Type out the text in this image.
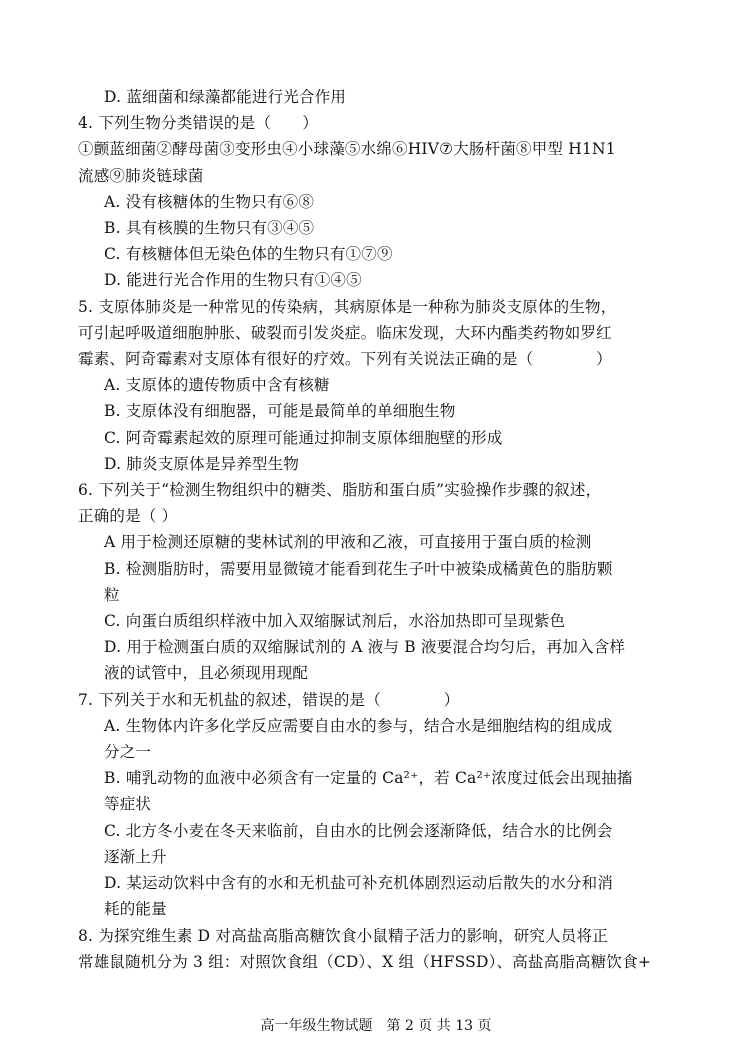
D. 蓝细菌和绿藻都能进行光合作用
4. 下列生物分类错误的是（　　）
①颤蓝细菌②酵母菌③变形虫④小球藻⑤水绵⑥HIV⑦大肠杆菌⑧甲型 H1N1
流感⑨肺炎链球菌
A. 没有核糖体的生物只有⑥⑧
B. 具有核膜的生物只有③④⑤
C. 有核糖体但无染色体的生物只有①⑦⑨
D. 能进行光合作用的生物只有①④⑤
5. 支原体肺炎是一种常见的传染病，其病原体是一种称为肺炎支原体的生物，
可引起呼吸道细胞肿胀、破裂而引发炎症。临床发现，大环内酯类药物如罗红
霉素、阿奇霉素对支原体有很好的疗效。下列有关说法正确的是（　　　　）
A. 支原体的遗传物质中含有核糖
B. 支原体没有细胞器，可能是最简单的单细胞生物
C. 阿奇霉素起效的原理可能通过抑制支原体细胞壁的形成
D. 肺炎支原体是异养型生物
6. 下列关于“检测生物组织中的糖类、脂肪和蛋白质”实验操作步骤的叙述，
正确的是（ ）
A 用于检测还原糖的斐林试剂的甲液和乙液，可直接用于蛋白质的检测
B. 检测脂肪时，需要用显微镜才能看到花生子叶中被染成橘黄色的脂肪颗
粒
C. 向蛋白质组织样液中加入双缩脲试剂后，水浴加热即可呈现紫色
D. 用于检测蛋白质的双缩脲试剂的 A 液与 B 液要混合均匀后，再加入含样
液的试管中，且必须现用现配
7. 下列关于水和无机盐的叙述，错误的是（　　　　）
A. 生物体内许多化学反应需要自由水的参与，结合水是细胞结构的组成成
分之一
B. 哺乳动物的血液中必须含有一定量的 Ca²⁺，若 Ca²⁺浓度过低会出现抽搐
等症状
C. 北方冬小麦在冬天来临前，自由水的比例会逐渐降低，结合水的比例会
逐渐上升
D. 某运动饮料中含有的水和无机盐可补充机体剧烈运动后散失的水分和消
耗的能量
8. 为探究维生素 D 对高盐高脂高糖饮食小鼠精子活力的影响，研究人员将正
常雄鼠随机分为 3 组：对照饮食组（CD）、X 组（HFSSD）、高盐高脂高糖饮食+
高一年级生物试题　第 2 页 共 13 页
